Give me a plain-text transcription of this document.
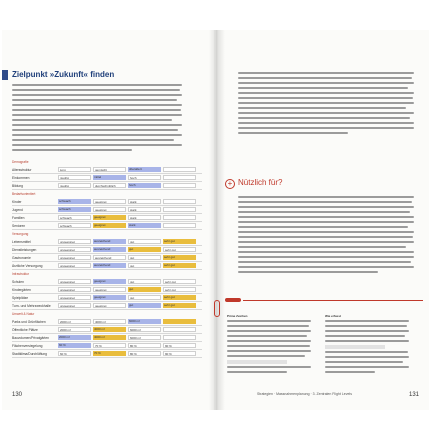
Zielpunkt »Zukunft« finden
Demografie
Altersstruktur	jung	gemischt	überaltert
Einkommen	niedrig	mittel	hoch
Bildung	niedrig	durchschnittlich	hoch
Bedarfsorientiert
Kinder	schwach	geeignet	stark
Jugend	schwach	geeignet	stark
Familien	schwach	geeignet	stark
Senioren	schwach	geeignet	stark
Versorgung
Lebensmittel	ungeeignet	ausreichend	gut	sehr gut
Dienstleistungen	ungeeignet	ausreichend	gut	sehr gut
Gastronomie	ungeeignet	ausreichend	gut	sehr gut
Ärztliche Versorgung	ungeeignet	ausreichend	gut	sehr gut
Infrastruktur
Schulen	ungeeignet	geeignet	gut	sehr gut
Kindergärten	ungeeignet	geeignet	gut	sehr gut
Spielplätze	ungeeignet	geeignet	gut	sehr gut
Turn- und Mehrzweckhalle	ungeeignet	geeignet	gut	sehr gut
Umwelt & Natur
Parks und Grünflächen	2000 m²	4000 m²	6000 m²
Öffentliche Plätze	2000 m²	4000 m²	6000 m²
Bauvolumen/Privatgärten	2000 m²	4000 m²	6000 m²
Flächenversiegelung	60 %	70 %	80 %	90 %
Stadtklima/Durchlüftung	60 %	70 %	80 %	90 %
130
+ Nützlich für?
Prime Zeichen	Wie erfasst
Strategien · Massnahmenplanung · 3. Zentralen Flight Levels	131
